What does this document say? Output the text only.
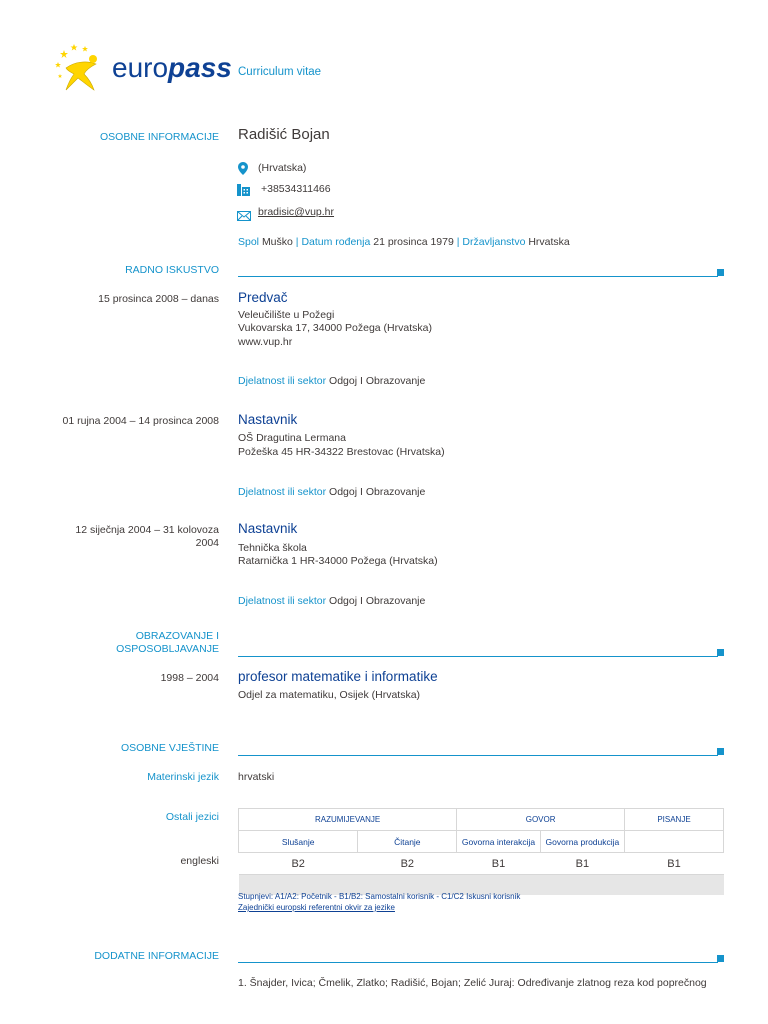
europass Curriculum vitae
OSOBNE INFORMACIJE Radišić Bojan
(Hrvatska)
+38534311466
bradisic@vup.hr
Spol Muško | Datum rođenja 21 prosinca 1979 | Državljanstvo Hrvatska
RADNO ISKUSTVO
15 prosinca 2008 – danas Predvač
Veleučilište u Požegi
Vukovarska 17, 34000 Požega (Hrvatska)
www.vup.hr
Djelatnost ili sektor Odgoj I Obrazovanje
01 rujna 2004 – 14 prosinca 2008 Nastavnik
OŠ Dragutina Lermana
Požeška 45 HR-34322 Brestovac (Hrvatska)
Djelatnost ili sektor Odgoj I Obrazovanje
12 siječnja 2004 – 31 kolovoza
2004
Nastavnik
Tehnička škola
Ratarnička 1 HR-34000 Požega (Hrvatska)
Djelatnost ili sektor Odgoj I Obrazovanje
OBRAZOVANJE I
OSPOSOBLJAVANJE
1998 – 2004 profesor matematike i informatike
Odjel za matematiku, Osijek (Hrvatska)
OSOBNE VJEŠTINE
Materinski jezik hrvatski
Ostali jezici
engleski
RAZUMIJEVANJE		GOVOR		PISANJE
Slušanje	Čitanje	Govorna interakcija	Govorna produkcija	
B2	B2	B1	B1	B1

Stupnjevi: A1/A2: Početnik - B1/B2: Samostalni korisnik - C1/C2 Iskusni korisnik
Zajednički europski referentni okvir za jezike
DODATNE INFORMACIJE
1. Šnajder, Ivica; Čmelik, Zlatko; Radišić, Bojan; Zelić Juraj: Određivanje zlatnog reza kod poprečnog
